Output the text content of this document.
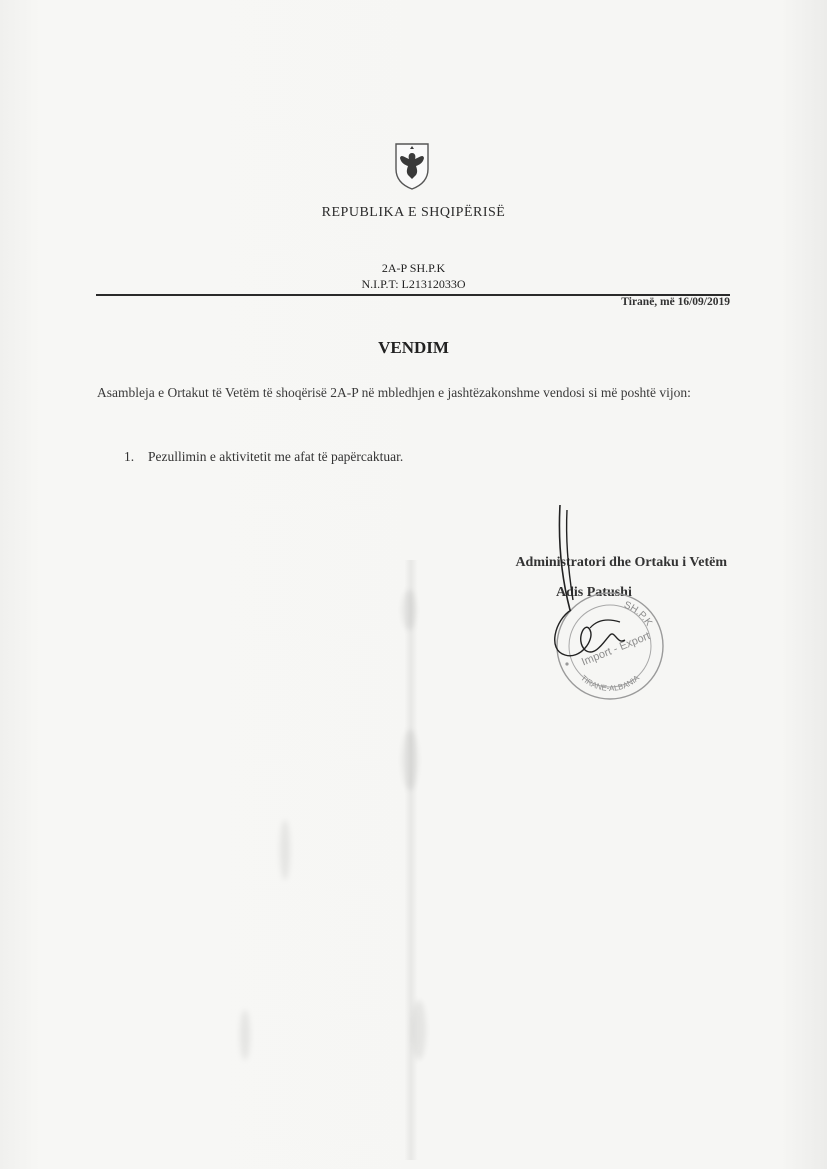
REPUBLIKA E SHQIPËRISË
2A-P SH.P.K
N.I.P.T: L21312033O
Tiranë, më 16/09/2019
VENDIM
Asambleja e Ortakut të Vetëm të shoqërisë 2A-P në mbledhjen e jashtëzakonshme vendosi si më poshtë vijon:
1. Pezullimin e aktivitetit me afat të papërcaktuar.
Administratori dhe Ortaku i Vetëm
Adis Patushi
SH.P.K
Import - Export
TIRANE-ALBANIA
